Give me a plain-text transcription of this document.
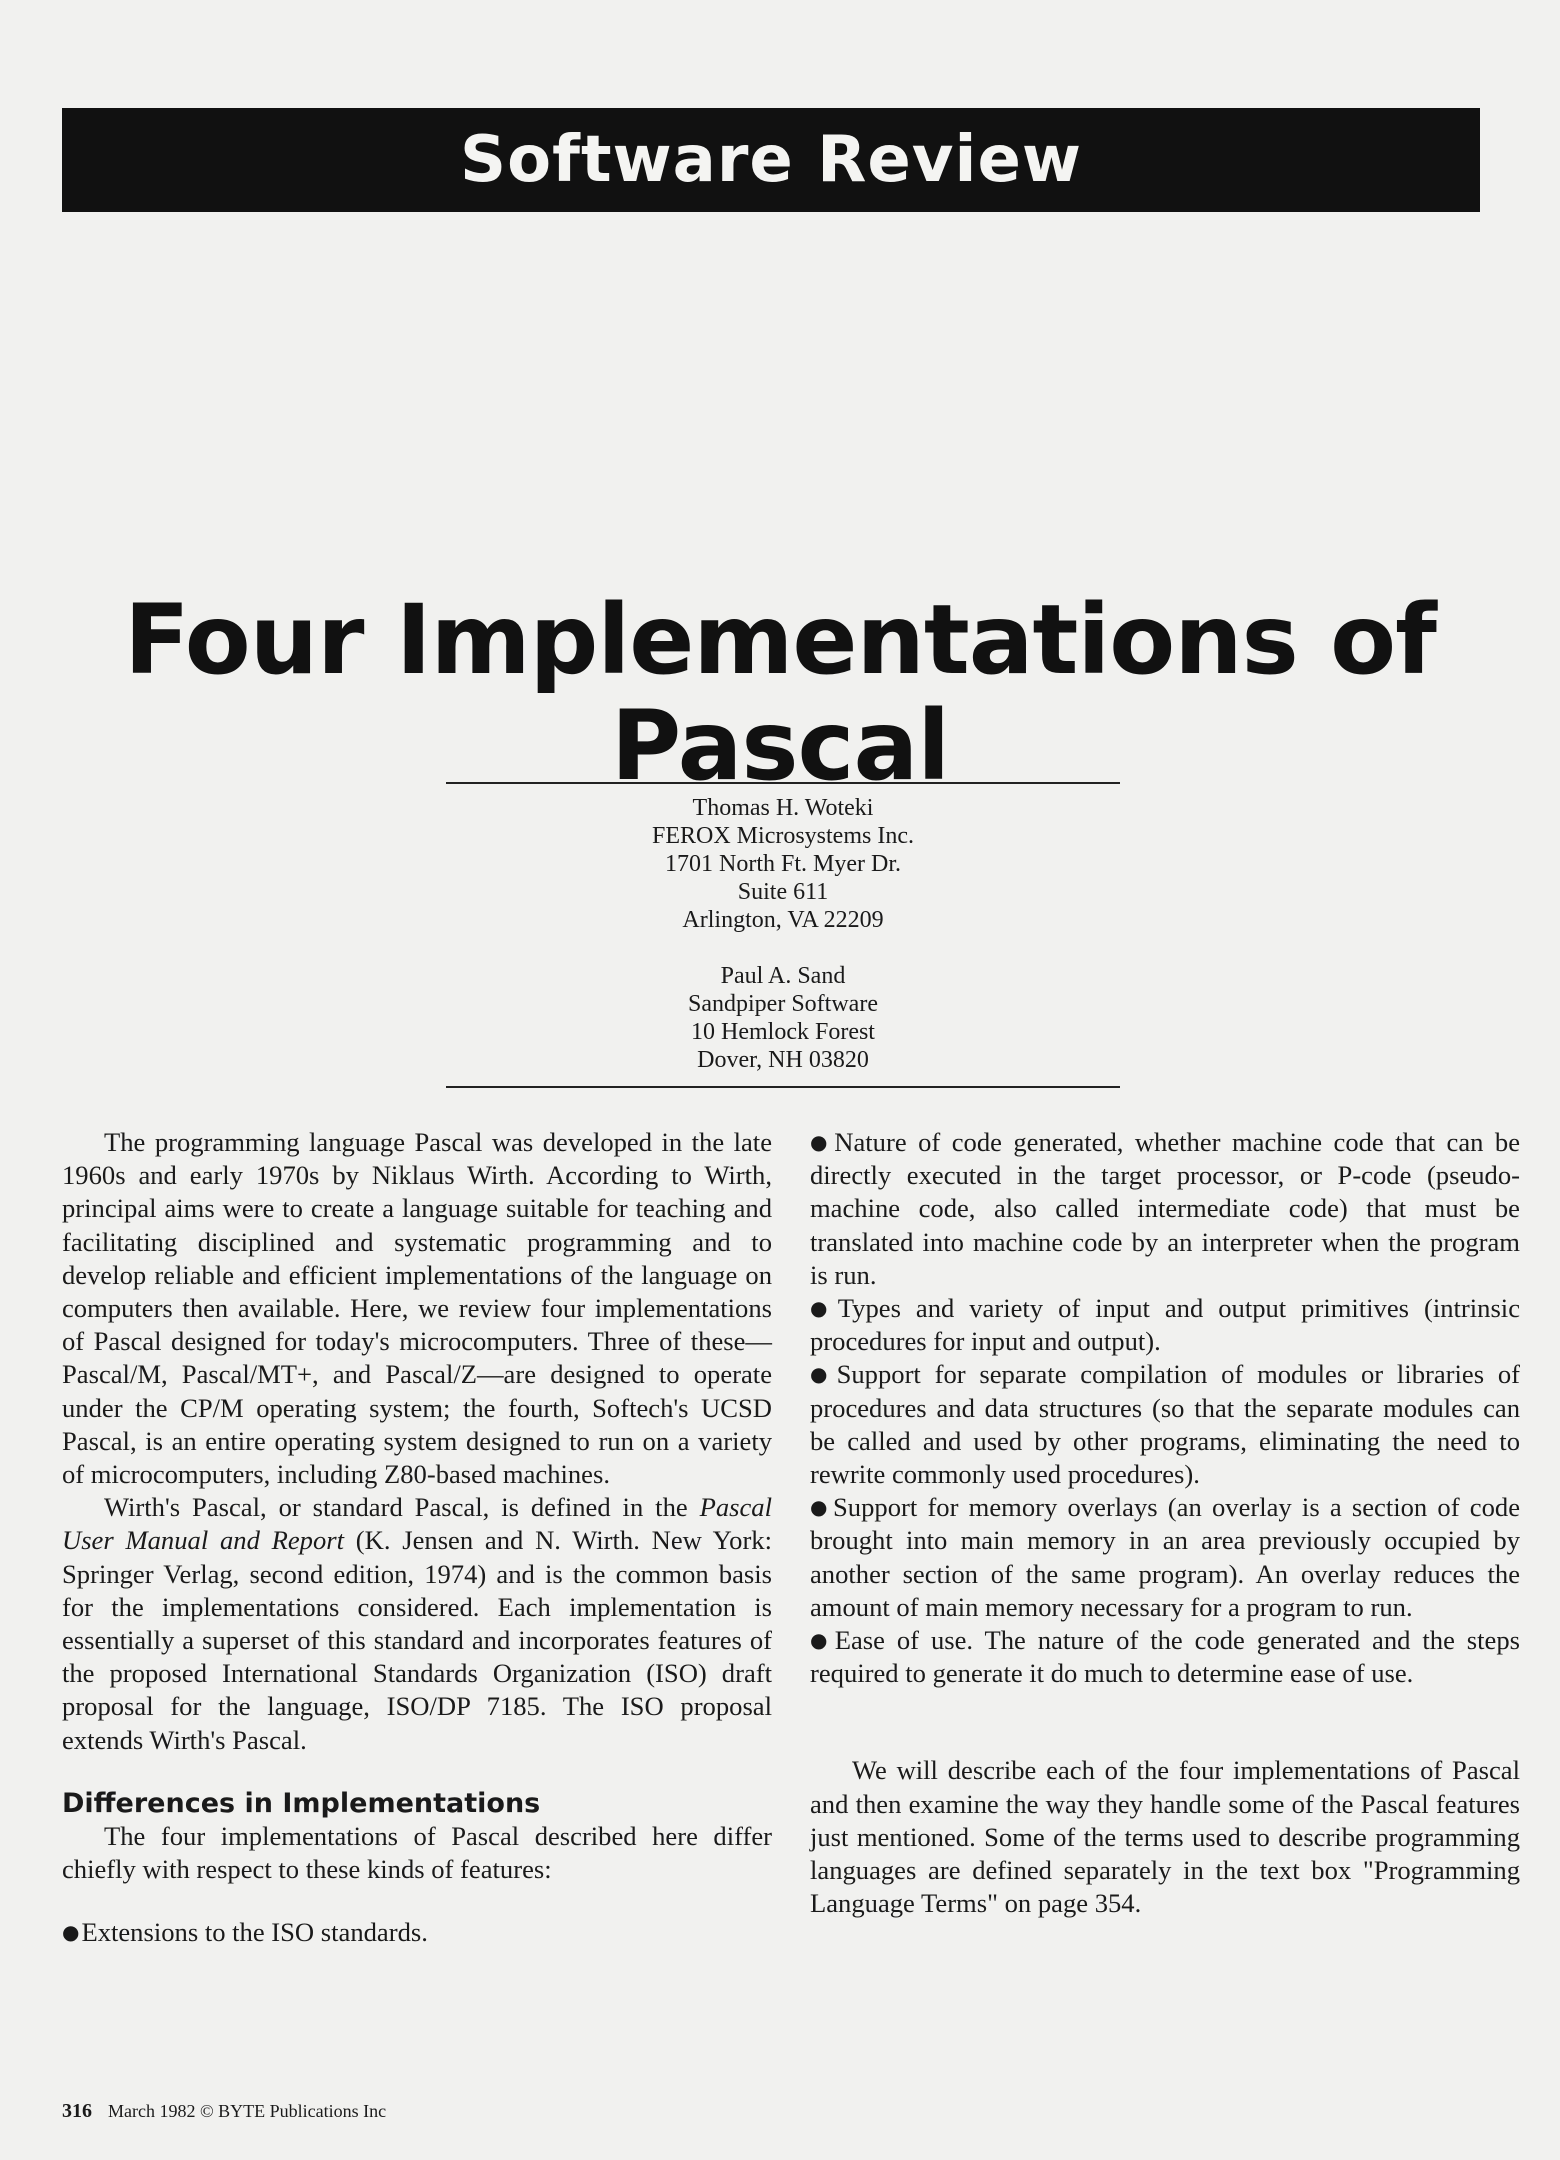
Software Review
Four Implementations of Pascal
Thomas H. Woteki
FEROX Microsystems Inc.
1701 North Ft. Myer Dr.
Suite 611
Arlington, VA 22209
Paul A. Sand
Sandpiper Software
10 Hemlock Forest
Dover, NH 03820

The programming language Pascal was developed in the late 1960s and early 1970s by Niklaus Wirth. According to Wirth, principal aims were to create a language suitable for teaching and facilitating disciplined and systematic programming and to develop reliable and efficient implementations of the language on computers then available. Here, we review four implementations of Pascal designed for today's microcomputers. Three of these—Pascal/M, Pascal/MT+, and Pascal/Z—are designed to operate under the CP/M operating system; the fourth, Softech's UCSD Pascal, is an entire operating system designed to run on a variety of microcomputers, including Z80-based machines.

Wirth's Pascal, or standard Pascal, is defined in the Pascal User Manual and Report (K. Jensen and N. Wirth. New York: Springer Verlag, second edition, 1974) and is the common basis for the implementations considered. Each implementation is essentially a superset of this standard and incorporates features of the proposed International Standards Organization (ISO) draft proposal for the language, ISO/DP 7185. The ISO proposal extends Wirth's Pascal.

Differences in Implementations

The four implementations of Pascal described here differ chiefly with respect to these kinds of features:

●Extensions to the ISO standards.

●Nature of code generated, whether machine code that can be directly executed in the target processor, or P-code (pseudo-machine code, also called intermediate code) that must be translated into machine code by an interpreter when the program is run.

●Types and variety of input and output primitives (intrinsic procedures for input and output).

●Support for separate compilation of modules or libraries of procedures and data structures (so that the separate modules can be called and used by other programs, eliminating the need to rewrite commonly used procedures).

●Support for memory overlays (an overlay is a section of code brought into main memory in an area previously occupied by another section of the same program). An overlay reduces the amount of main memory necessary for a program to run.

●Ease of use. The nature of the code generated and the steps required to generate it do much to determine ease of use.

We will describe each of the four implementations of Pascal and then examine the way they handle some of the Pascal features just mentioned. Some of the terms used to describe programming languages are defined separately in the text box "Programming Language Terms" on page 354.

316 March 1982 © BYTE Publications Inc
